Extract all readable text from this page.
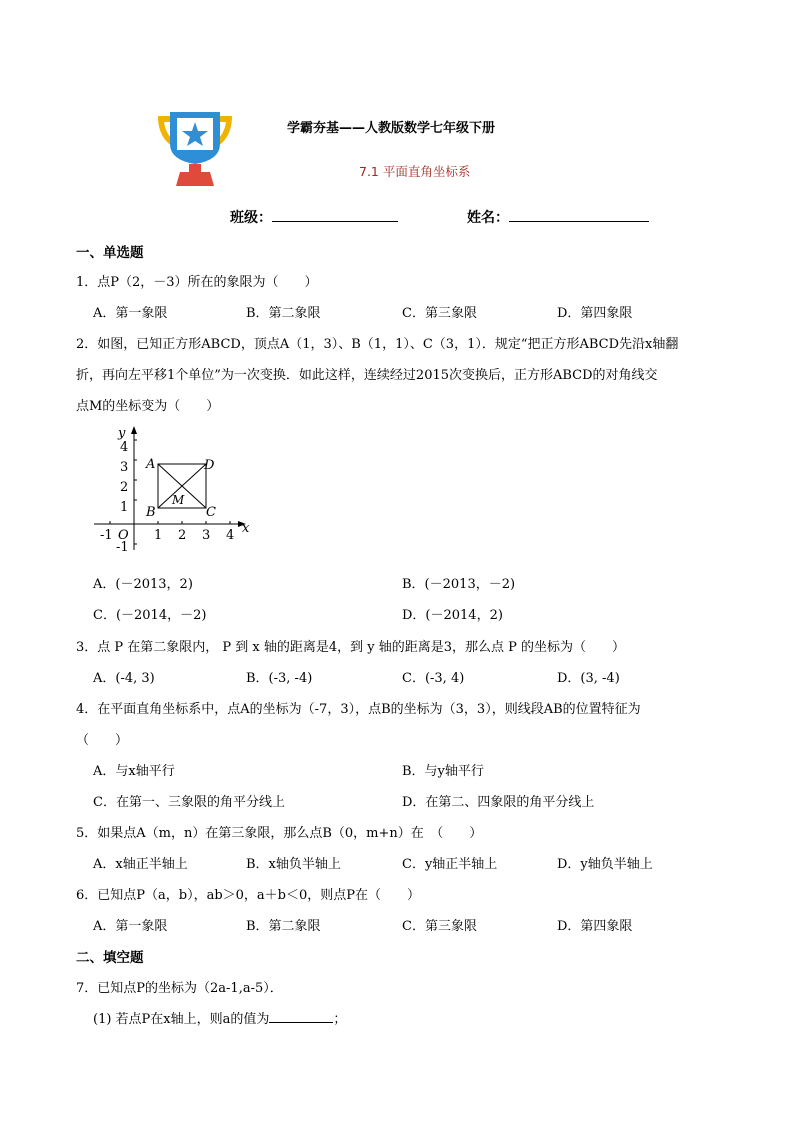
学霸夯基——人教版数学七年级下册
7.1 平面直角坐标系
班级：	姓名：
一、单选题
1．点P（2，－3）所在的象限为（　　）
A．第一象限	B．第二象限	C．第三象限	D．第四象限
2．如图，已知正方形ABCD，顶点A（1，3）、B（1，1）、C（3，1）．规定“把正方形ABCD先沿x轴翻
折，再向左平移1个单位”为一次变换．如此这样，连续经过2015次变换后，正方形ABCD的对角线交
点M的坐标变为（　　）
x
y
O
-1	1 2 3 4
4
3
2
1
-1
A
B	C
D
M
A．(－2013，2)	B．(－2013，－2)
C．(－2014，－2)	D．(－2014，2)
3．点 P 在第二象限内， P 到 x 轴的距离是4，到 y 轴的距离是3，那么点 P 的坐标为（　　）
A．(-4, 3)	B．(-3, -4)	C．(-3, 4)	D．(3, -4)
4．在平面直角坐标系中，点A的坐标为（-7，3），点B的坐标为（3，3），则线段AB的位置特征为
（　　）
A．与x轴平行	B．与y轴平行
C．在第一、三象限的角平分线上	D．在第二、四象限的角平分线上
5．如果点A（m，n）在第三象限，那么点B（0，m+n）在　（　　）
A．x轴正半轴上	B．x轴负半轴上	C．y轴正半轴上	D．y轴负半轴上
6．已知点P（a，b），ab＞0，a＋b＜0，则点P在（　　）
A．第一象限	B．第二象限	C．第三象限	D．第四象限
二、填空题
7．已知点P的坐标为（2a-1,a-5）．
(1) 若点P在x轴上，则a的值为	；
